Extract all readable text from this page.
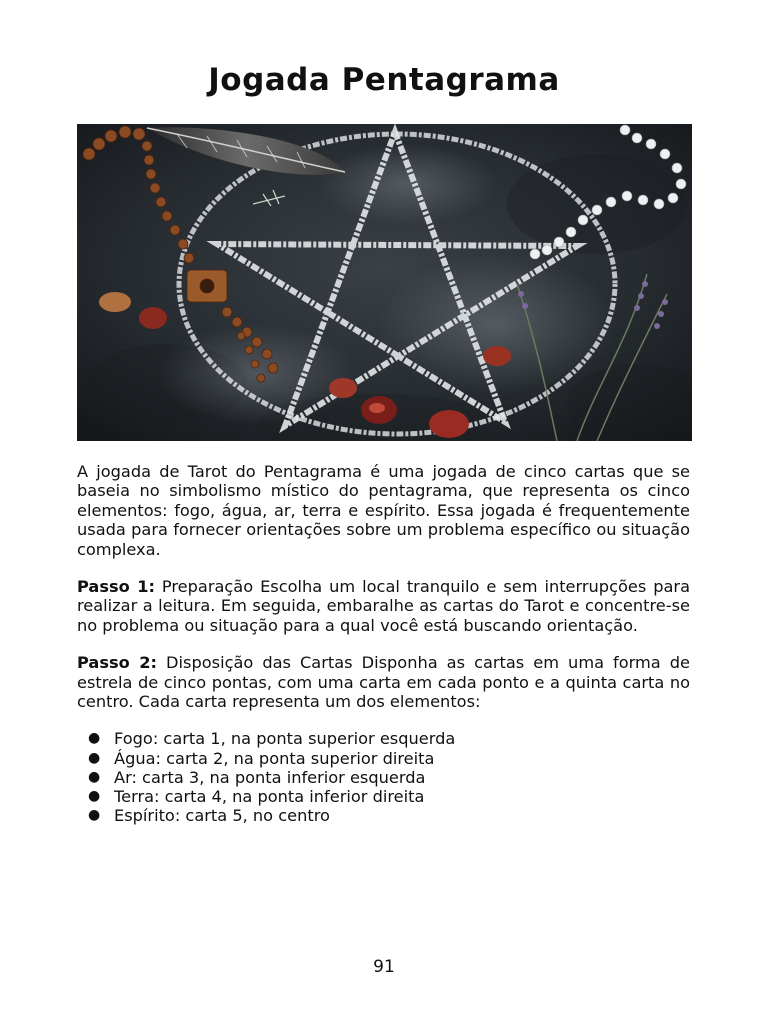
Jogada Pentagrama

A jogada de Tarot do Pentagrama é uma jogada de cinco cartas que se baseia no simbolismo místico do pentagrama, que representa os cinco elementos: fogo, água, ar, terra e espírito. Essa jogada é frequentemente usada para fornecer orientações sobre um problema específico ou situação complexa.

Passo 1: Preparação Escolha um local tranquilo e sem interrupções para realizar a leitura. Em seguida, embaralhe as cartas do Tarot e concentre-se no problema ou situação para a qual você está buscando orientação.

Passo 2: Disposição das Cartas Disponha as cartas em uma forma de estrela de cinco pontas, com uma carta em cada ponto e a quinta carta no centro. Cada carta representa um dos elementos:

● Fogo: carta 1, na ponta superior esquerda
● Água: carta 2, na ponta superior direita
● Ar: carta 3, na ponta inferior esquerda
● Terra: carta 4, na ponta inferior direita
● Espírito: carta 5, no centro
91
